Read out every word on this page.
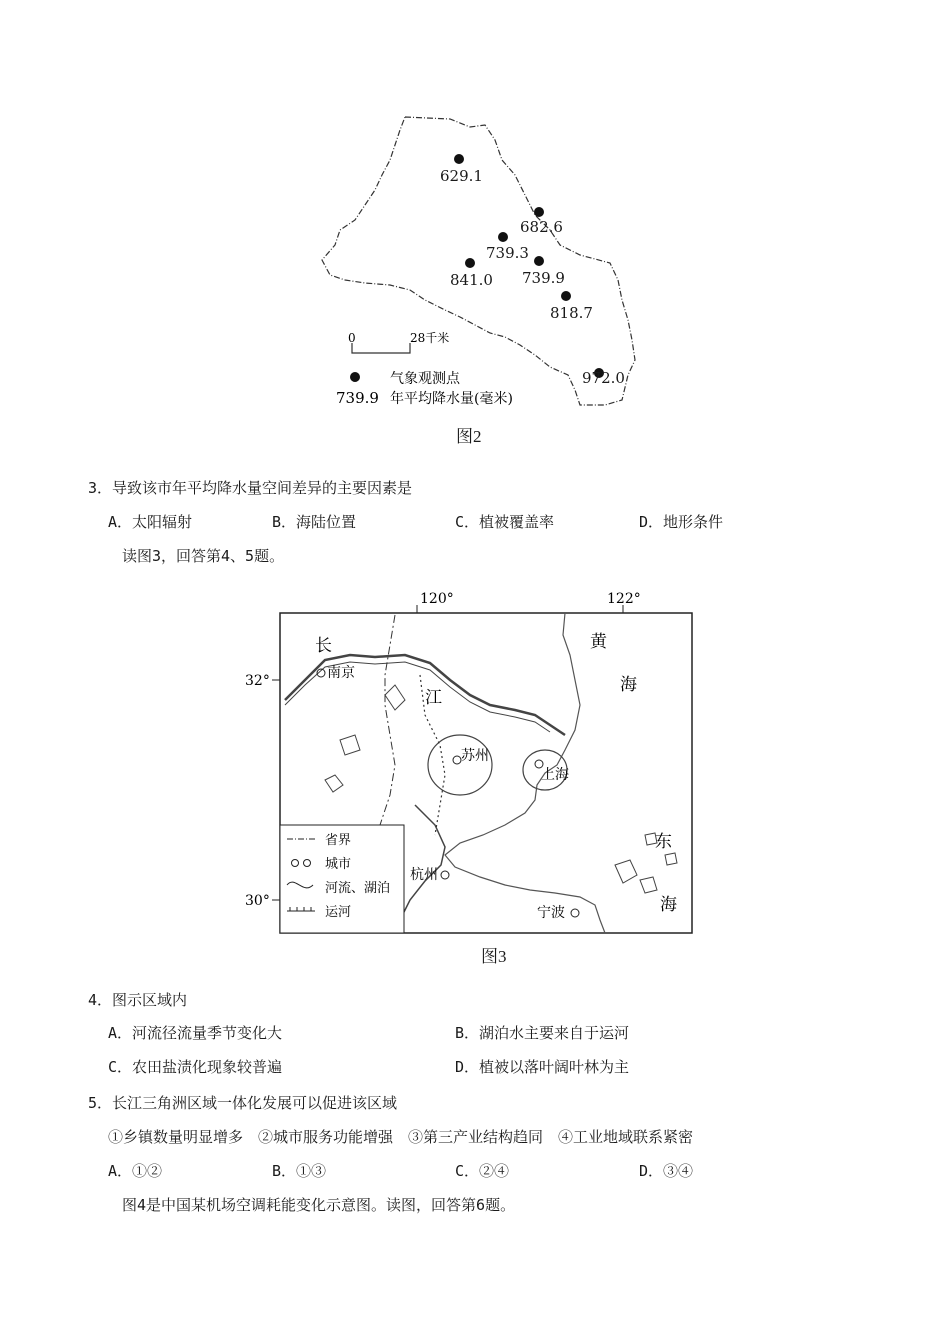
629.1
682.6
739.3
739.9
841.0
818.7
972.0
0	28千米
气象观测点
739.9 年平均降水量(毫米)
图2
3．导致该市年平均降水量空间差异的主要因素是
A．太阳辐射	B．海陆位置	C．植被覆盖率	D．地形条件
读图3，回答第4、5题。
120°	122°
32°
30°
长
江
黄
海
东
海
南京
苏州
上海
杭州
宁波
省界
城市
河流、湖泊
运河
图3
4．图示区域内
A．河流径流量季节变化大	B．湖泊水主要来自于运河
C．农田盐渍化现象较普遍	D．植被以落叶阔叶林为主
5．长江三角洲区域一体化发展可以促进该区域
①乡镇数量明显增多　②城市服务功能增强　③第三产业结构趋同　④工业地域联系紧密
A．①②	B．①③	C．②④	D．③④
图4是中国某机场空调耗能变化示意图。读图，回答第6题。
